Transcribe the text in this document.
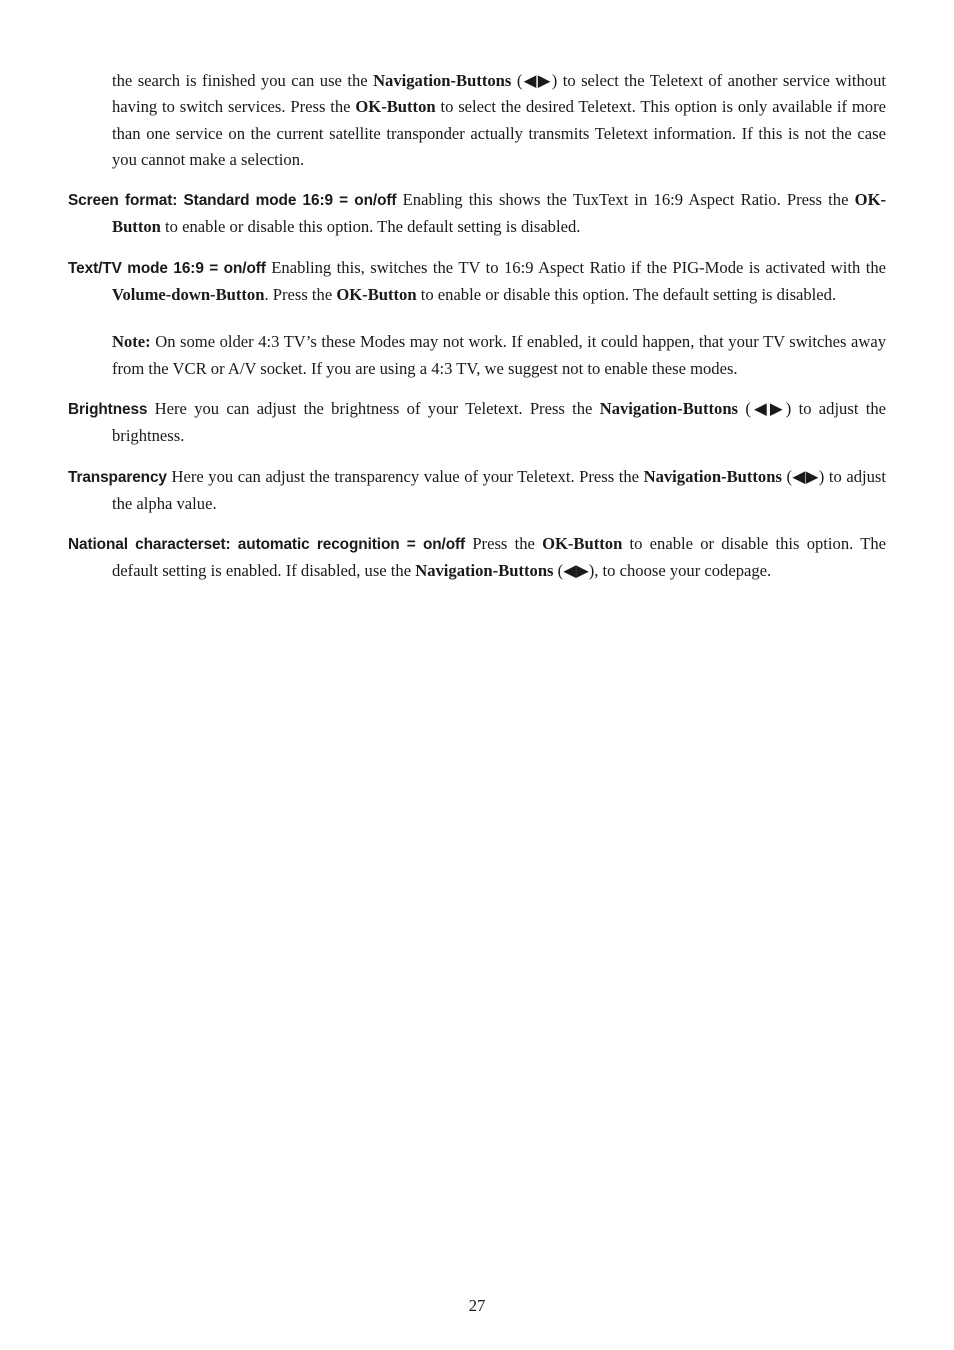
the search is finished you can use the Navigation-Buttons (◀▶) to select the Teletext of another service without having to switch services. Press the OK-Button to select the desired Teletext. This option is only available if more than one service on the current satellite transponder actually transmits Teletext information. If this is not the case you cannot make a selection.

Screen format: Standard mode 16:9 = on/off Enabling this shows the TuxText in 16:9 Aspect Ratio. Press the OK-Button to enable or disable this option. The default setting is disabled.

Text/TV mode 16:9 = on/off Enabling this, switches the TV to 16:9 Aspect Ratio if the PIG-Mode is activated with the Volume-down-Button. Press the OK-Button to enable or disable this option. The default setting is disabled.

Note: On some older 4:3 TV’s these Modes may not work. If enabled, it could happen, that your TV switches away from the VCR or A/V socket. If you are using a 4:3 TV, we suggest not to enable these modes.

Brightness Here you can adjust the brightness of your Teletext. Press the Navigation-Buttons (◀▶) to adjust the brightness.

Transparency Here you can adjust the transparency value of your Teletext. Press the Navigation-Buttons (◀▶) to adjust the alpha value.

National characterset: automatic recognition = on/off Press the OK-Button to enable or disable this option. The default setting is enabled. If disabled, use the Navigation-Buttons (◀▶), to choose your codepage.

27
